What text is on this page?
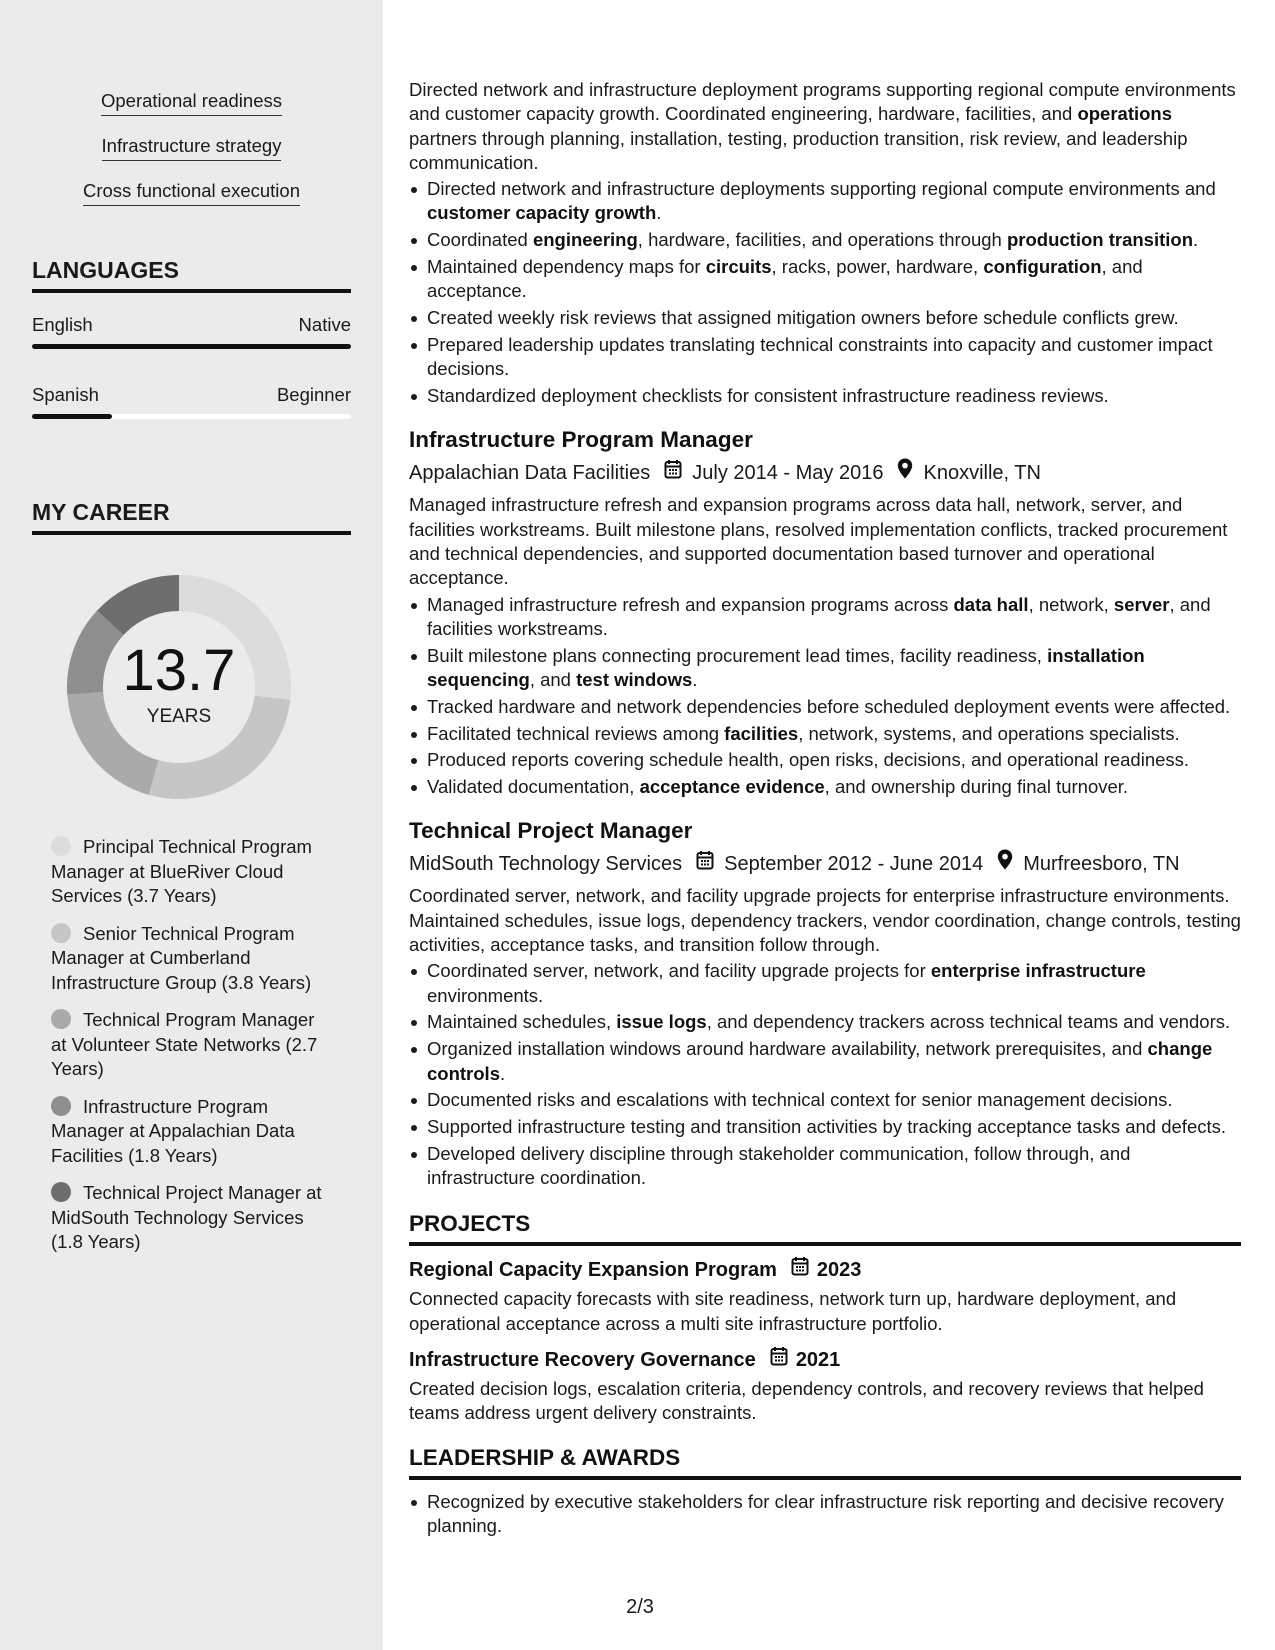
Operational readiness
Infrastructure strategy
Cross functional execution
LANGUAGES
English	Native
Spanish	Beginner
MY CAREER
13.7
YEARS
Principal Technical Program Manager at BlueRiver Cloud Services (3.7 Years)
Senior Technical Program Manager at Cumberland Infrastructure Group (3.8 Years)
Technical Program Manager at Volunteer State Networks (2.7 Years)
Infrastructure Program Manager at Appalachian Data Facilities (1.8 Years)
Technical Project Manager at MidSouth Technology Services (1.8 Years)

Directed network and infrastructure deployment programs supporting regional compute environments and customer capacity growth. Coordinated engineering, hardware, facilities, and operations partners through planning, installation, testing, production transition, risk review, and leadership communication.

Directed network and infrastructure deployments supporting regional compute environments and customer capacity growth.
Coordinated engineering, hardware, facilities, and operations through production transition.
Maintained dependency maps for circuits, racks, power, hardware, configuration, and acceptance.
Created weekly risk reviews that assigned mitigation owners before schedule conflicts grew.
Prepared leadership updates translating technical constraints into capacity and customer impact decisions.
Standardized deployment checklists for consistent infrastructure readiness reviews.
Infrastructure Program Manager
Appalachian Data Facilities July 2014 - May 2016 Knoxville, TN

Managed infrastructure refresh and expansion programs across data hall, network, server, and facilities workstreams. Built milestone plans, resolved implementation conflicts, tracked procurement and technical dependencies, and supported documentation based turnover and operational acceptance.

Managed infrastructure refresh and expansion programs across data hall, network, server, and facilities workstreams.
Built milestone plans connecting procurement lead times, facility readiness, installation sequencing, and test windows.
Tracked hardware and network dependencies before scheduled deployment events were affected.
Facilitated technical reviews among facilities, network, systems, and operations specialists.
Produced reports covering schedule health, open risks, decisions, and operational readiness.
Validated documentation, acceptance evidence, and ownership during final turnover.
Technical Project Manager
MidSouth Technology Services September 2012 - June 2014 Murfreesboro, TN

Coordinated server, network, and facility upgrade projects for enterprise infrastructure environments. Maintained schedules, issue logs, dependency trackers, vendor coordination, change controls, testing activities, acceptance tasks, and transition follow through.

Coordinated server, network, and facility upgrade projects for enterprise infrastructure environments.
Maintained schedules, issue logs, and dependency trackers across technical teams and vendors.
Organized installation windows around hardware availability, network prerequisites, and change controls.
Documented risks and escalations with technical context for senior management decisions.
Supported infrastructure testing and transition activities by tracking acceptance tasks and defects.
Developed delivery discipline through stakeholder communication, follow through, and infrastructure coordination.
PROJECTS
Regional Capacity Expansion Program 2023

Connected capacity forecasts with site readiness, network turn up, hardware deployment, and operational acceptance across a multi site infrastructure portfolio.

Infrastructure Recovery Governance 2021

Created decision logs, escalation criteria, dependency controls, and recovery reviews that helped teams address urgent delivery constraints.

LEADERSHIP & AWARDS
Recognized by executive stakeholders for clear infrastructure risk reporting and decisive recovery planning.
2/3
